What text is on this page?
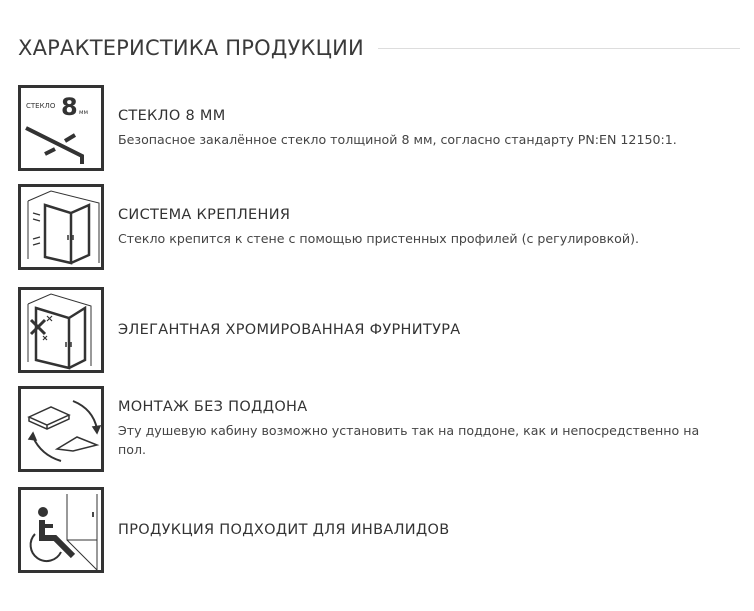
ХАРАКТЕРИСТИКА ПРОДУКЦИИ
СТЕКЛО 8 мм СТЕКЛО 8 ММ
Безопасное закалённое стекло толщиной 8 мм, согласно стандарту PN:EN 12150:1.
СИСТЕМА КРЕПЛЕНИЯ
Стекло крепится к стене с помощью пристенных профилей (с регулировкой).
ЭЛЕГАНТНАЯ ХРОМИРОВАННАЯ ФУРНИТУРА
МОНТАЖ БЕЗ ПОДДОНА
Эту душевую кабину возможно установить так на поддоне, как и непосредственно на пол.
ПРОДУКЦИЯ ПОДХОДИТ ДЛЯ ИНВАЛИДОВ
